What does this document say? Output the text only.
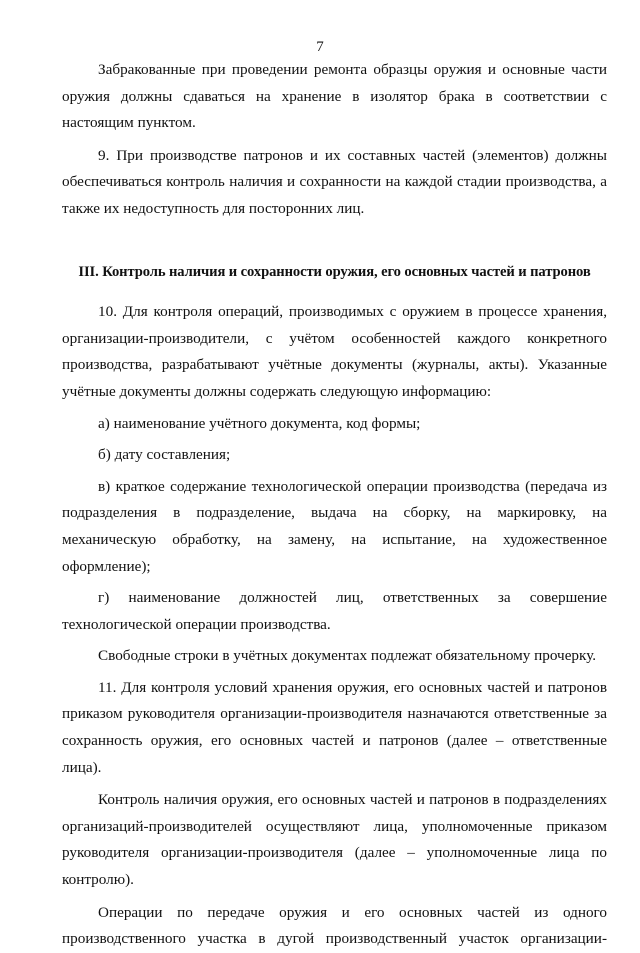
7

Забракованные при проведении ремонта образцы оружия и основные части оружия должны сдаваться на хранение в изолятор брака в соответствии с настоящим пунктом.

9. При производстве патронов и их составных частей (элементов) должны обеспечиваться контроль наличия и сохранности на каждой стадии производства, а также их недоступность для посторонних лиц.

III. Контроль наличия и сохранности оружия, его основных частей и патронов

10. Для контроля операций, производимых с оружием в процессе хранения, организации-производители, с учётом особенностей каждого конкретного производства, разрабатывают учётные документы (журналы, акты). Указанные учётные документы должны содержать следующую информацию:

а) наименование учётного документа, код формы;

б) дату составления;

в) краткое содержание технологической операции производства (передача из подразделения в подразделение, выдача на сборку, на маркировку, на механическую обработку, на замену, на испытание, на художественное оформление);

г) наименование должностей лиц, ответственных за совершение технологической операции производства.

Свободные строки в учётных документах подлежат обязательному прочерку.

11. Для контроля условий хранения оружия, его основных частей и патронов приказом руководителя организации-производителя назначаются ответственные за сохранность оружия, его основных частей и патронов (далее – ответственные лица).

Контроль наличия оружия, его основных частей и патронов в подразделениях организаций-производителей осуществляют лица, уполномоченные приказом руководителя организации-производителя (далее – уполномоченные лица по контролю).

Операции по передаче оружия и его основных частей из одного производственного участка в дугой производственный участок организации-
